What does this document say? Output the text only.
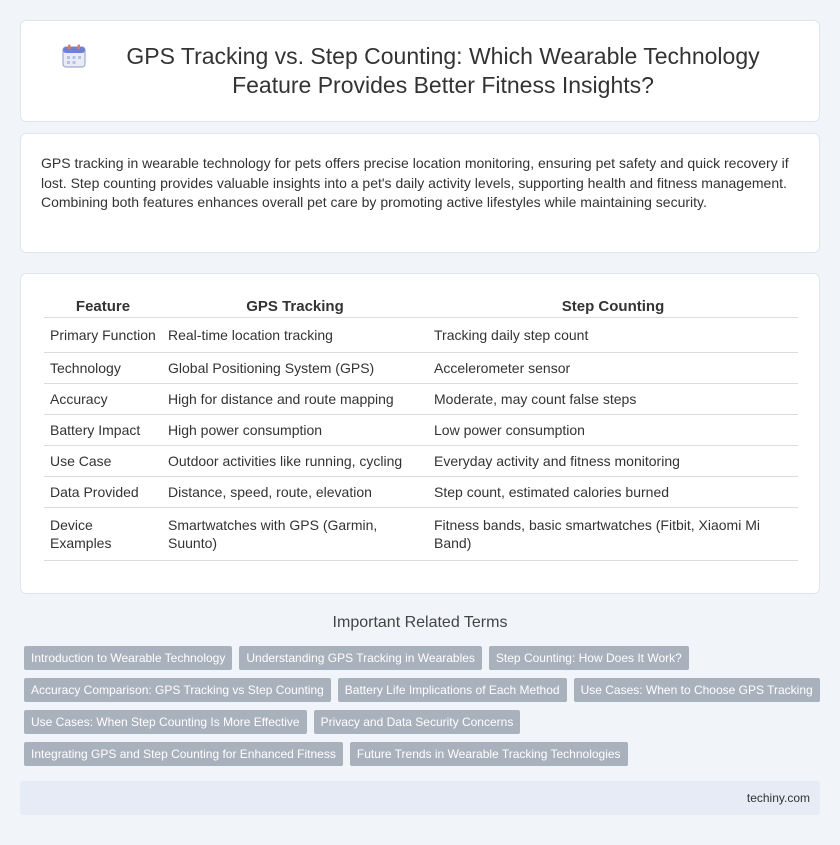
GPS Tracking vs. Step Counting: Which Wearable Technology Feature Provides Better Fitness Insights?

GPS tracking in wearable technology for pets offers precise location monitoring, ensuring pet safety and quick recovery if lost. Step counting provides valuable insights into a pet's daily activity levels, supporting health and fitness management. Combining both features enhances overall pet care by promoting active lifestyles while maintaining security.

Feature	GPS Tracking	Step Counting
Primary Function	Real-time location tracking	Tracking daily step count
Technology	Global Positioning System (GPS)	Accelerometer sensor
Accuracy	High for distance and route mapping	Moderate, may count false steps
Battery Impact	High power consumption	Low power consumption
Use Case	Outdoor activities like running, cycling	Everyday activity and fitness monitoring
Data Provided	Distance, speed, route, elevation	Step count, estimated calories burned
Device Examples	Smartwatches with GPS (Garmin, Suunto)	Fitness bands, basic smartwatches (Fitbit, Xiaomi Mi Band)
Important Related Terms
Introduction to Wearable Technology	Understanding GPS Tracking in Wearables	Step Counting: How Does It Work?
Accuracy Comparison: GPS Tracking vs Step Counting	Battery Life Implications of Each Method	Use Cases: When to Choose GPS Tracking
Use Cases: When Step Counting Is More Effective	Privacy and Data Security Concerns
Integrating GPS and Step Counting for Enhanced Fitness	Future Trends in Wearable Tracking Technologies
techiny.com
